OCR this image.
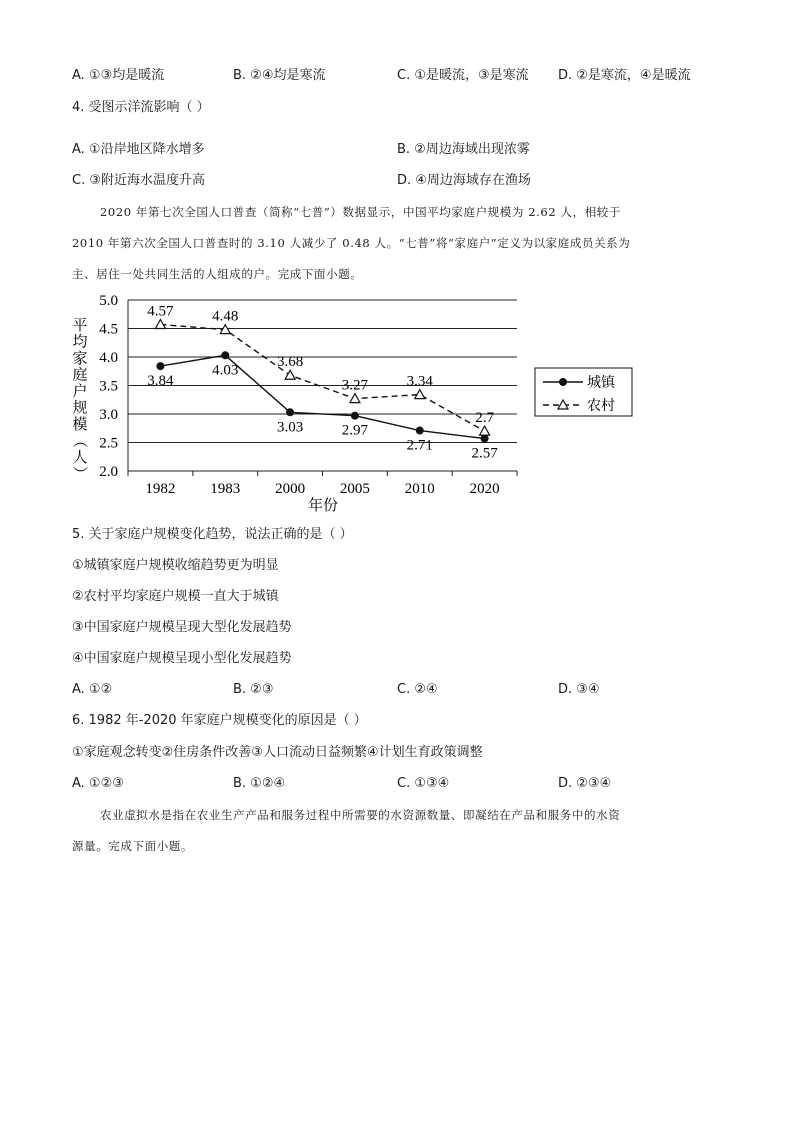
A. ①③均是暖流	B. ②④均是寒流	C. ①是暖流，③是寒流 D. ②是寒流，④是暖流
4. 受图示洋流影响（ ）
A. ①沿岸地区降水增多	B. ②周边海域出现浓雾
C. ③附近海水温度升高	D. ④周边海域存在渔场
2020 年第七次全国人口普查（简称“七普”）数据显示，中国平均家庭户规模为 2.62 人，相较于
2010 年第六次全国人口普查时的 3.10 人减少了 0.48 人。“七普”将“家庭户”定义为以家庭成员关系为
主、居住一处共同生活的人组成的户。完成下面小题。
5.0
4.5
4.0
3.5
3.0
2.5
2.0
1982 1983 2000 2005 2010 2020
3.84
4.03
3.03	2.97
2.71	2.57
4.57	4.48
3.68
3.27	3.34
2.7
平
均
家
庭
户
规
模
（
人
）
年份
城镇
农村
5. 关于家庭户规模变化趋势，说法正确的是（ ）
①城镇家庭户规模收缩趋势更为明显
②农村平均家庭户规模一直大于城镇
③中国家庭户规模呈现大型化发展趋势
④中国家庭户规模呈现小型化发展趋势
A. ①②	B. ②③	C. ②④	D. ③④
6. 1982 年-2020 年家庭户规模变化的原因是（ ）
①家庭观念转变②住房条件改善③人口流动日益频繁④计划生育政策调整
A. ①②③	B. ①②④	C. ①③④	D. ②③④
农业虚拟水是指在农业生产产品和服务过程中所需要的水资源数量、即凝结在产品和服务中的水资
源量。完成下面小题。
